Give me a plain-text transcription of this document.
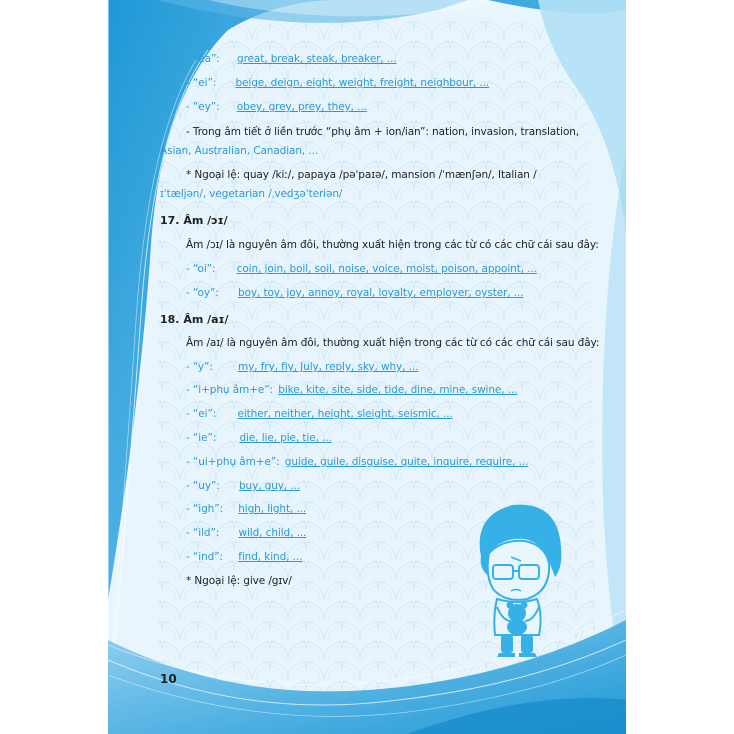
- “ea”: great, break, steak, breaker, ...
- “ei”: beige, deign, eight, weight, freight, neighbour, ...
- “ey”: obey, grey, prey, they, ...
- Trong âm tiết ở liền trước “phụ âm + ion/ian”: nation, invasion, translation,
Asian, Australian, Canadian, ...
* Ngoại lệ: quay /kiː/, papaya /pəˈpaɪə/, mansion /ˈmænʃən/, Italian /
ɪˈtæljən/, vegetarian /ˌvedʒəˈteriən/
17. Âm /ɔɪ/
Âm /ɔɪ/ là nguyên âm đôi, thường xuất hiện trong các từ có các chữ cái sau đây:
- “oi”: coin, join, boil, soil, noise, voice, moist, poison, appoint, ...
- “oy”: boy, toy, joy, annoy, royal, loyalty, employer, oyster, ...
18. Âm /aɪ/
Âm /aɪ/ là nguyên âm đôi, thường xuất hiện trong các từ có các chữ cái sau đây:
- “y”: my, fry, fly, July, reply, sky, why, ...
- “i+phụ âm+e”: bike, kite, site, side, tide, dine, mine, swine, ...
- “ei”: either, neither, height, sleight, seismic, ...
- “ie”: die, lie, pie, tie, ...
- “ui+phụ âm+e”: guide, guile, disguise, quite, inquire, require, ...
- “uy”: buy, guy, ...
- “igh”: high, light, ...
- “ild”: wild, child, ...
- “ind”: find, kind, ...
* Ngoại lệ: give /gɪv/
10
